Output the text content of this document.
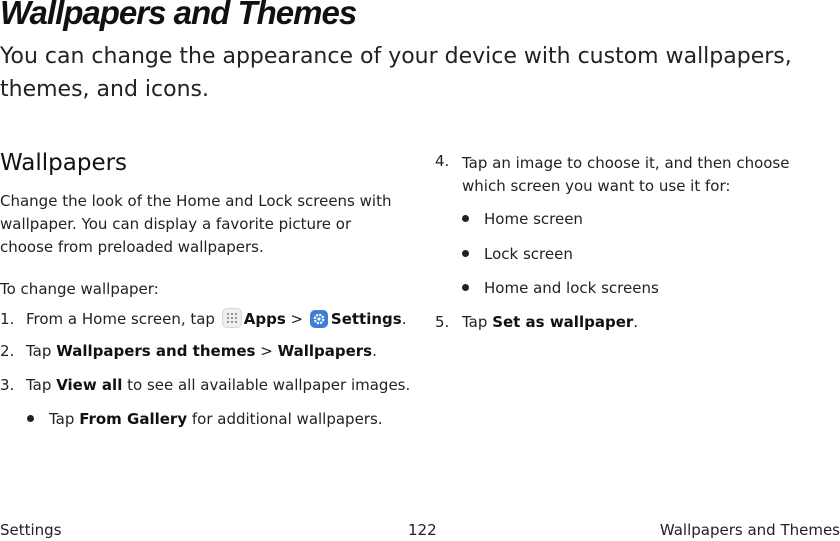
Wallpapers and Themes

You can change the appearance of your device with custom wallpapers, themes, and icons.

Wallpapers

Change the look of the Home and Lock screens with wallpaper. You can display a favorite picture or choose from preloaded wallpapers.

To change wallpaper:

1. From a Home screen, tap Apps > Settings.
2. Tap Wallpapers and themes > Wallpapers.
3. Tap View all to see all available wallpaper images.
Tap From Gallery for additional wallpapers.
4. Tap an image to choose it, and then choose which screen you want to use it for:
Home screen
Lock screen
Home and lock screens
5. Tap Set as wallpaper.
Settings	122	Wallpapers and Themes
